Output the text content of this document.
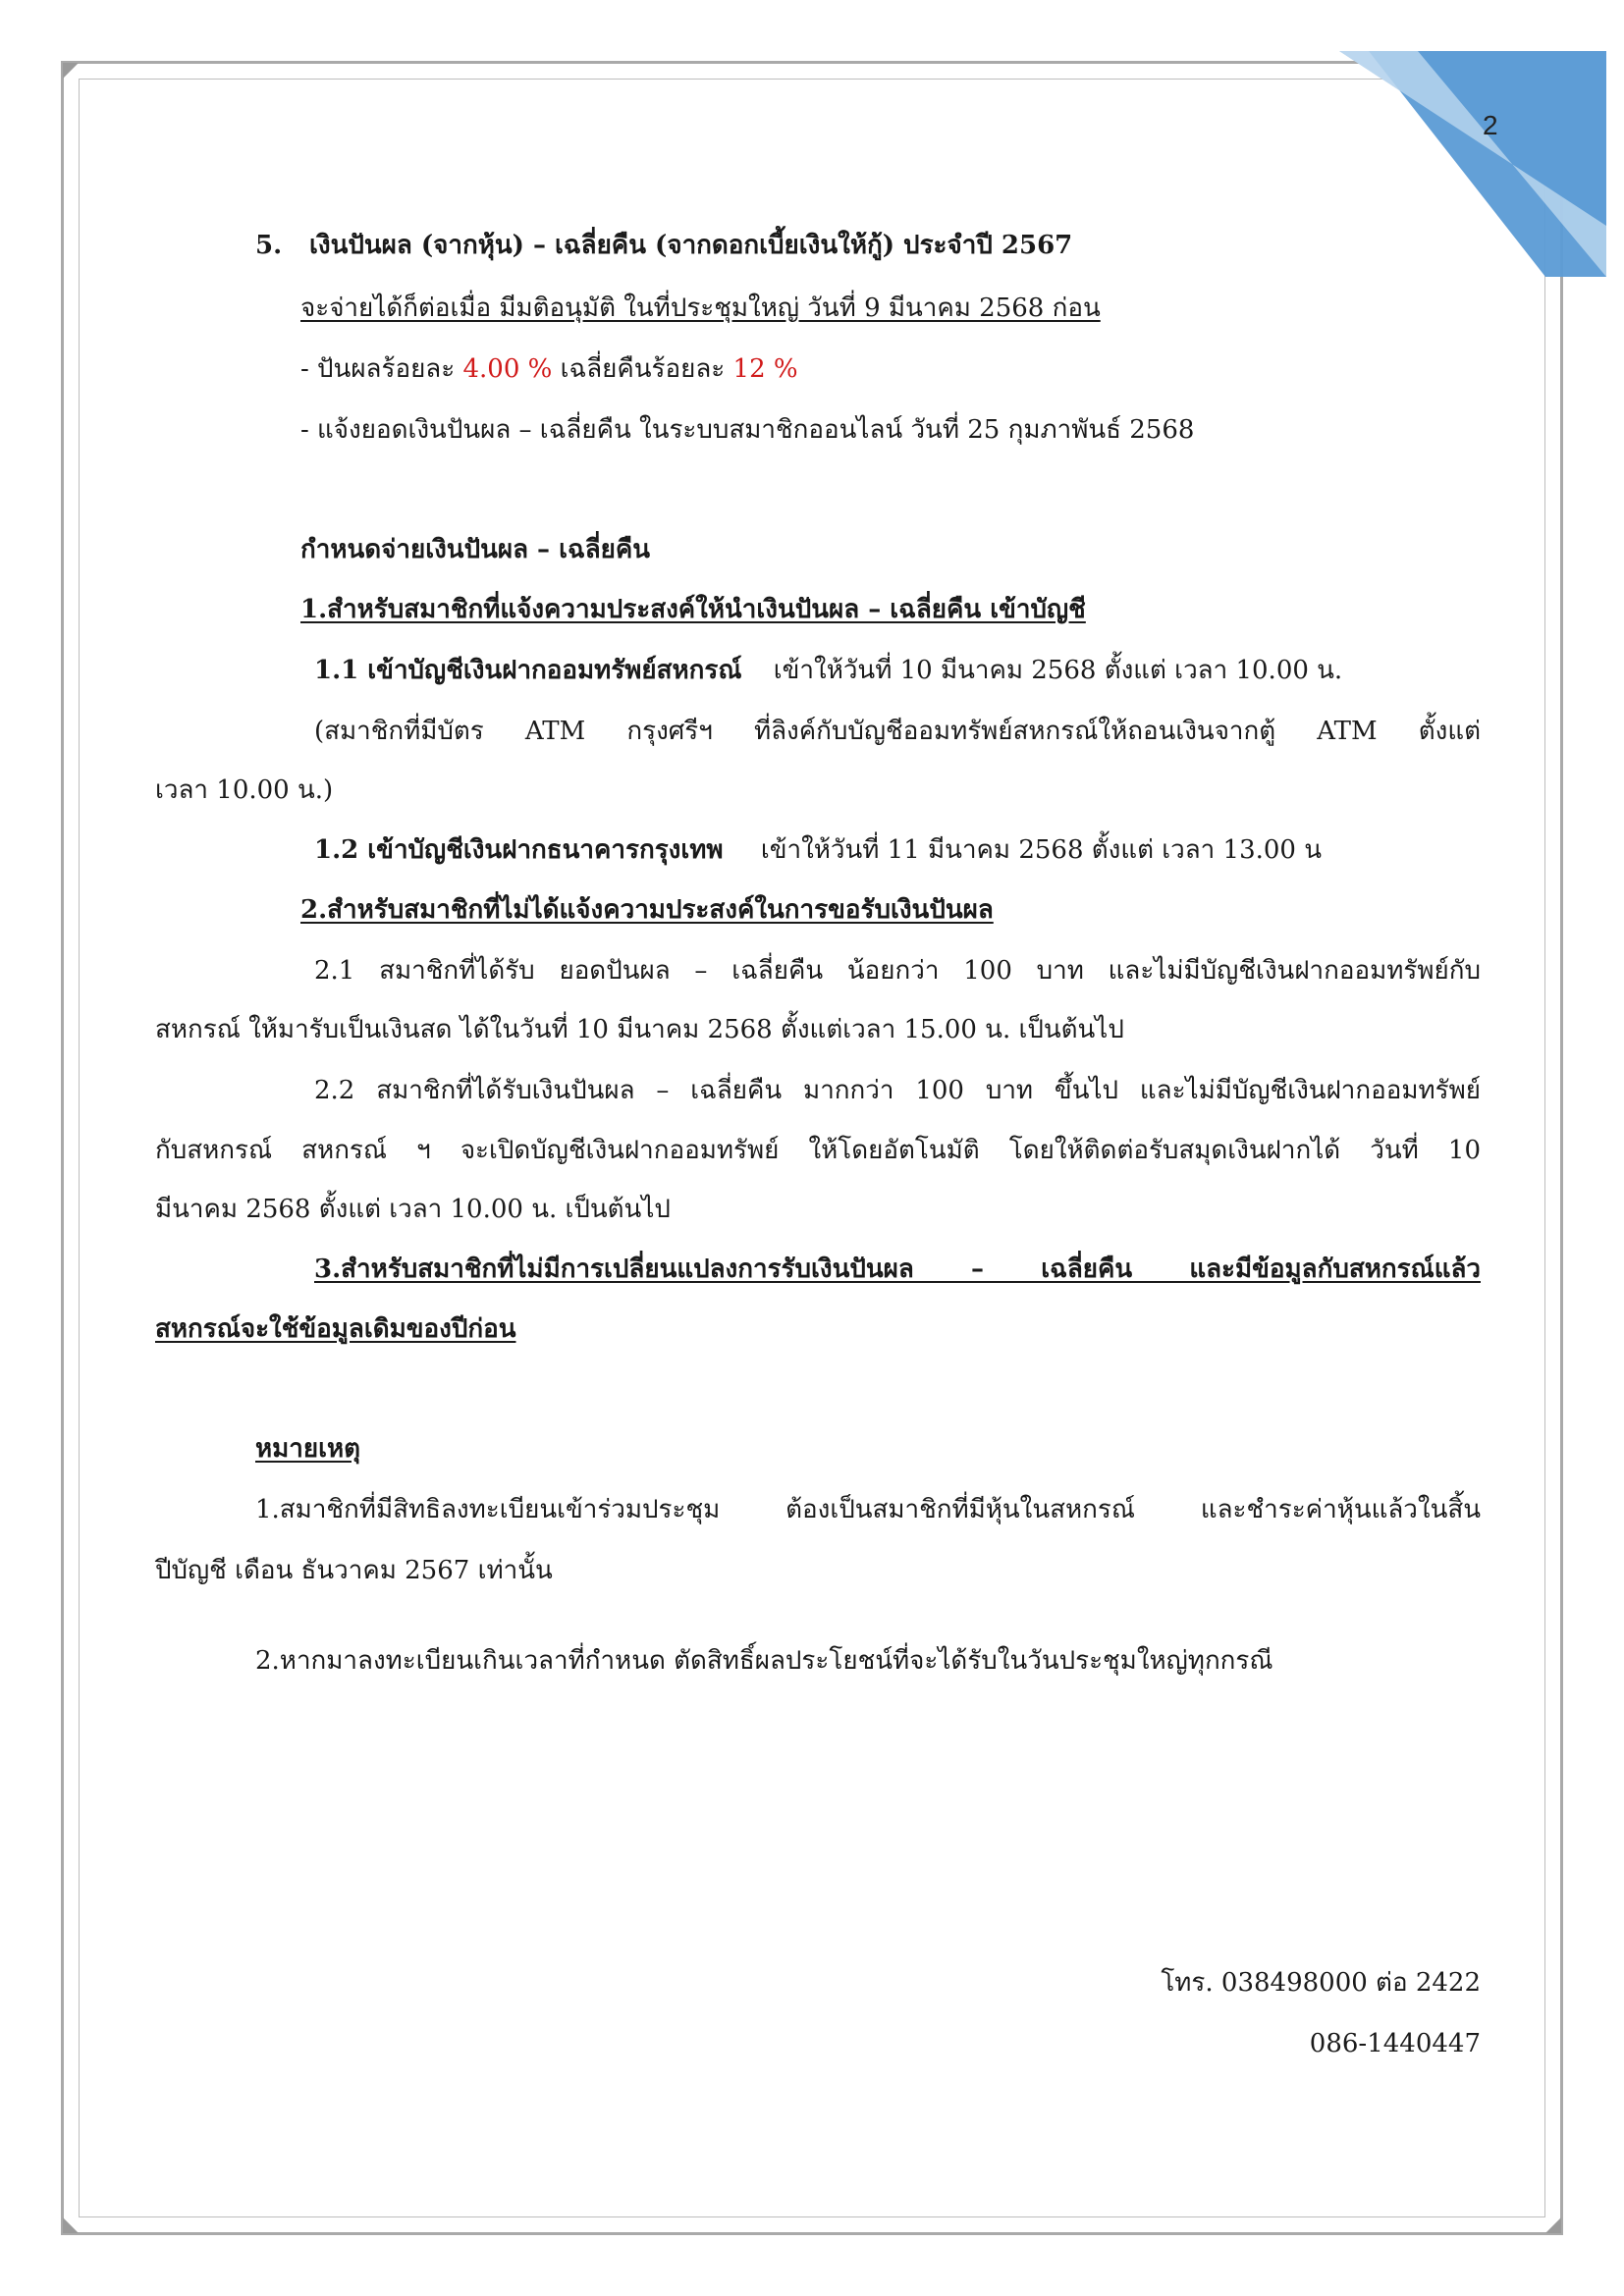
2
5. เงินปันผล (จากหุ้น) – เฉลี่ยคืน (จากดอกเบี้ยเงินให้กู้) ประจำปี 2567
จะจ่ายได้ก็ต่อเมื่อ มีมติอนุมัติ ในที่ประชุมใหญ่ วันที่ 9 มีนาคม 2568 ก่อน
- ปันผลร้อยละ 4.00 % เฉลี่ยคืนร้อยละ 12 %
- แจ้งยอดเงินปันผล – เฉลี่ยคืน ในระบบสมาชิกออนไลน์ วันที่ 25 กุมภาพันธ์ 2568
กำหนดจ่ายเงินปันผล – เฉลี่ยคืน
1.สำหรับสมาชิกที่แจ้งความประสงค์ให้นำเงินปันผล – เฉลี่ยคืน เข้าบัญชี
1.1 เข้าบัญชีเงินฝากออมทรัพย์สหกรณ์ เข้าให้วันที่ 10 มีนาคม 2568 ตั้งแต่ เวลา 10.00 น.
(สมาชิกที่มีบัตร ATM กรุงศรีฯ ที่ลิงค์กับบัญชีออมทรัพย์สหกรณ์ให้ถอนเงินจากตู้ ATM ตั้งแต่
เวลา 10.00 น.)
1.2 เข้าบัญชีเงินฝากธนาคารกรุงเทพ เข้าให้วันที่ 11 มีนาคม 2568 ตั้งแต่ เวลา 13.00 น
2.สำหรับสมาชิกที่ไม่ได้แจ้งความประสงค์ในการขอรับเงินปันผล
2.1 สมาชิกที่ได้รับ ยอดปันผล – เฉลี่ยคืน น้อยกว่า 100 บาท และไม่มีบัญชีเงินฝากออมทรัพย์กับ
สหกรณ์ ให้มารับเป็นเงินสด ได้ในวันที่ 10 มีนาคม 2568 ตั้งแต่เวลา 15.00 น. เป็นต้นไป
2.2 สมาชิกที่ได้รับเงินปันผล – เฉลี่ยคืน มากกว่า 100 บาท ขึ้นไป และไม่มีบัญชีเงินฝากออมทรัพย์
กับสหกรณ์ สหกรณ์ ฯ จะเปิดบัญชีเงินฝากออมทรัพย์ ให้โดยอัตโนมัติ โดยให้ติดต่อรับสมุดเงินฝากได้ วันที่ 10
มีนาคม 2568 ตั้งแต่ เวลา 10.00 น. เป็นต้นไป
3.สำหรับสมาชิกที่ไม่มีการเปลี่ยนแปลงการรับเงินปันผล – เฉลี่ยคืน และมีข้อมูลกับสหกรณ์แล้ว
สหกรณ์จะใช้ข้อมูลเดิมของปีก่อน
หมายเหตุ
1.สมาชิกที่มีสิทธิลงทะเบียนเข้าร่วมประชุม ต้องเป็นสมาชิกที่มีหุ้นในสหกรณ์ และชำระค่าหุ้นแล้วในสิ้น
ปีบัญชี เดือน ธันวาคม 2567 เท่านั้น
2.หากมาลงทะเบียนเกินเวลาที่กำหนด ตัดสิทธิ์ผลประโยชน์ที่จะได้รับในวันประชุมใหญ่ทุกกรณี
โทร. 038498000 ต่อ 2422
086-1440447
